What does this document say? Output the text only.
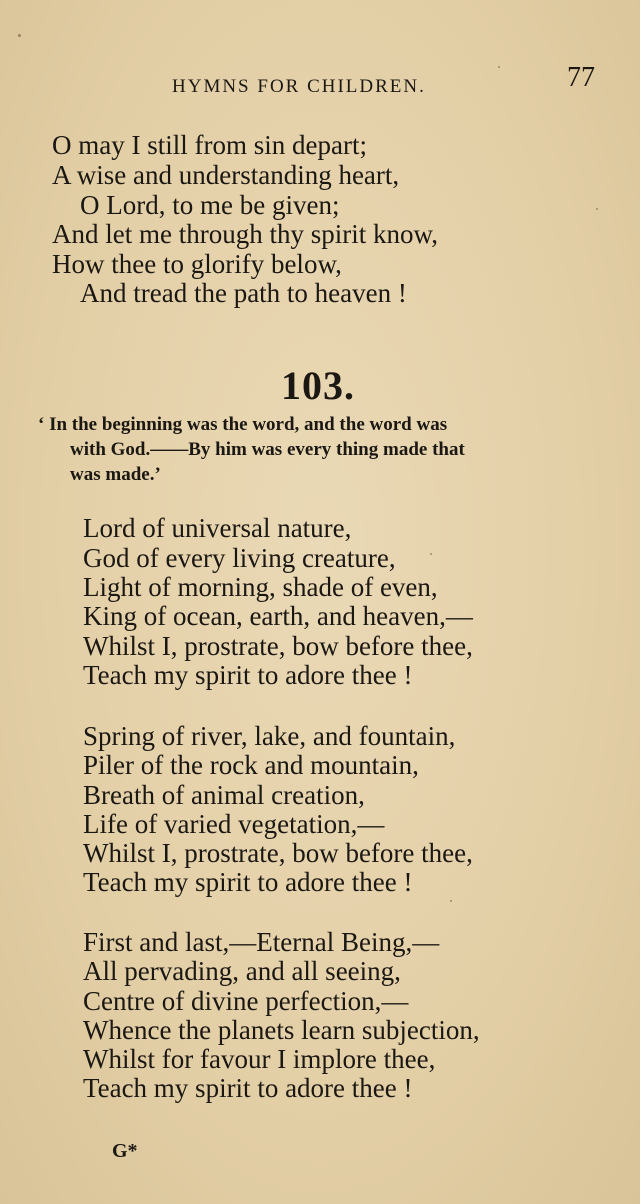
HYMNS FOR CHILDREN.	77
O may I still from sin depart;
A wise and understanding heart,
O Lord, to me be given;
And let me through thy spirit know,
How thee to glorify below,
And tread the path to heaven !
103.
‘ In the beginning was the word, and the word was
with God.——By him was every thing made that
was made.’
Lord of universal nature,
God of every living creature,
Light of morning, shade of even,
King of ocean, earth, and heaven,—
Whilst I, prostrate, bow before thee,
Teach my spirit to adore thee !
Spring of river, lake, and fountain,
Piler of the rock and mountain,
Breath of animal creation,
Life of varied vegetation,—
Whilst I, prostrate, bow before thee,
Teach my spirit to adore thee !
First and last,—Eternal Being,—
All pervading, and all seeing,
Centre of divine perfection,—
Whence the planets learn subjection,
Whilst for favour I implore thee,
Teach my spirit to adore thee !
G*
